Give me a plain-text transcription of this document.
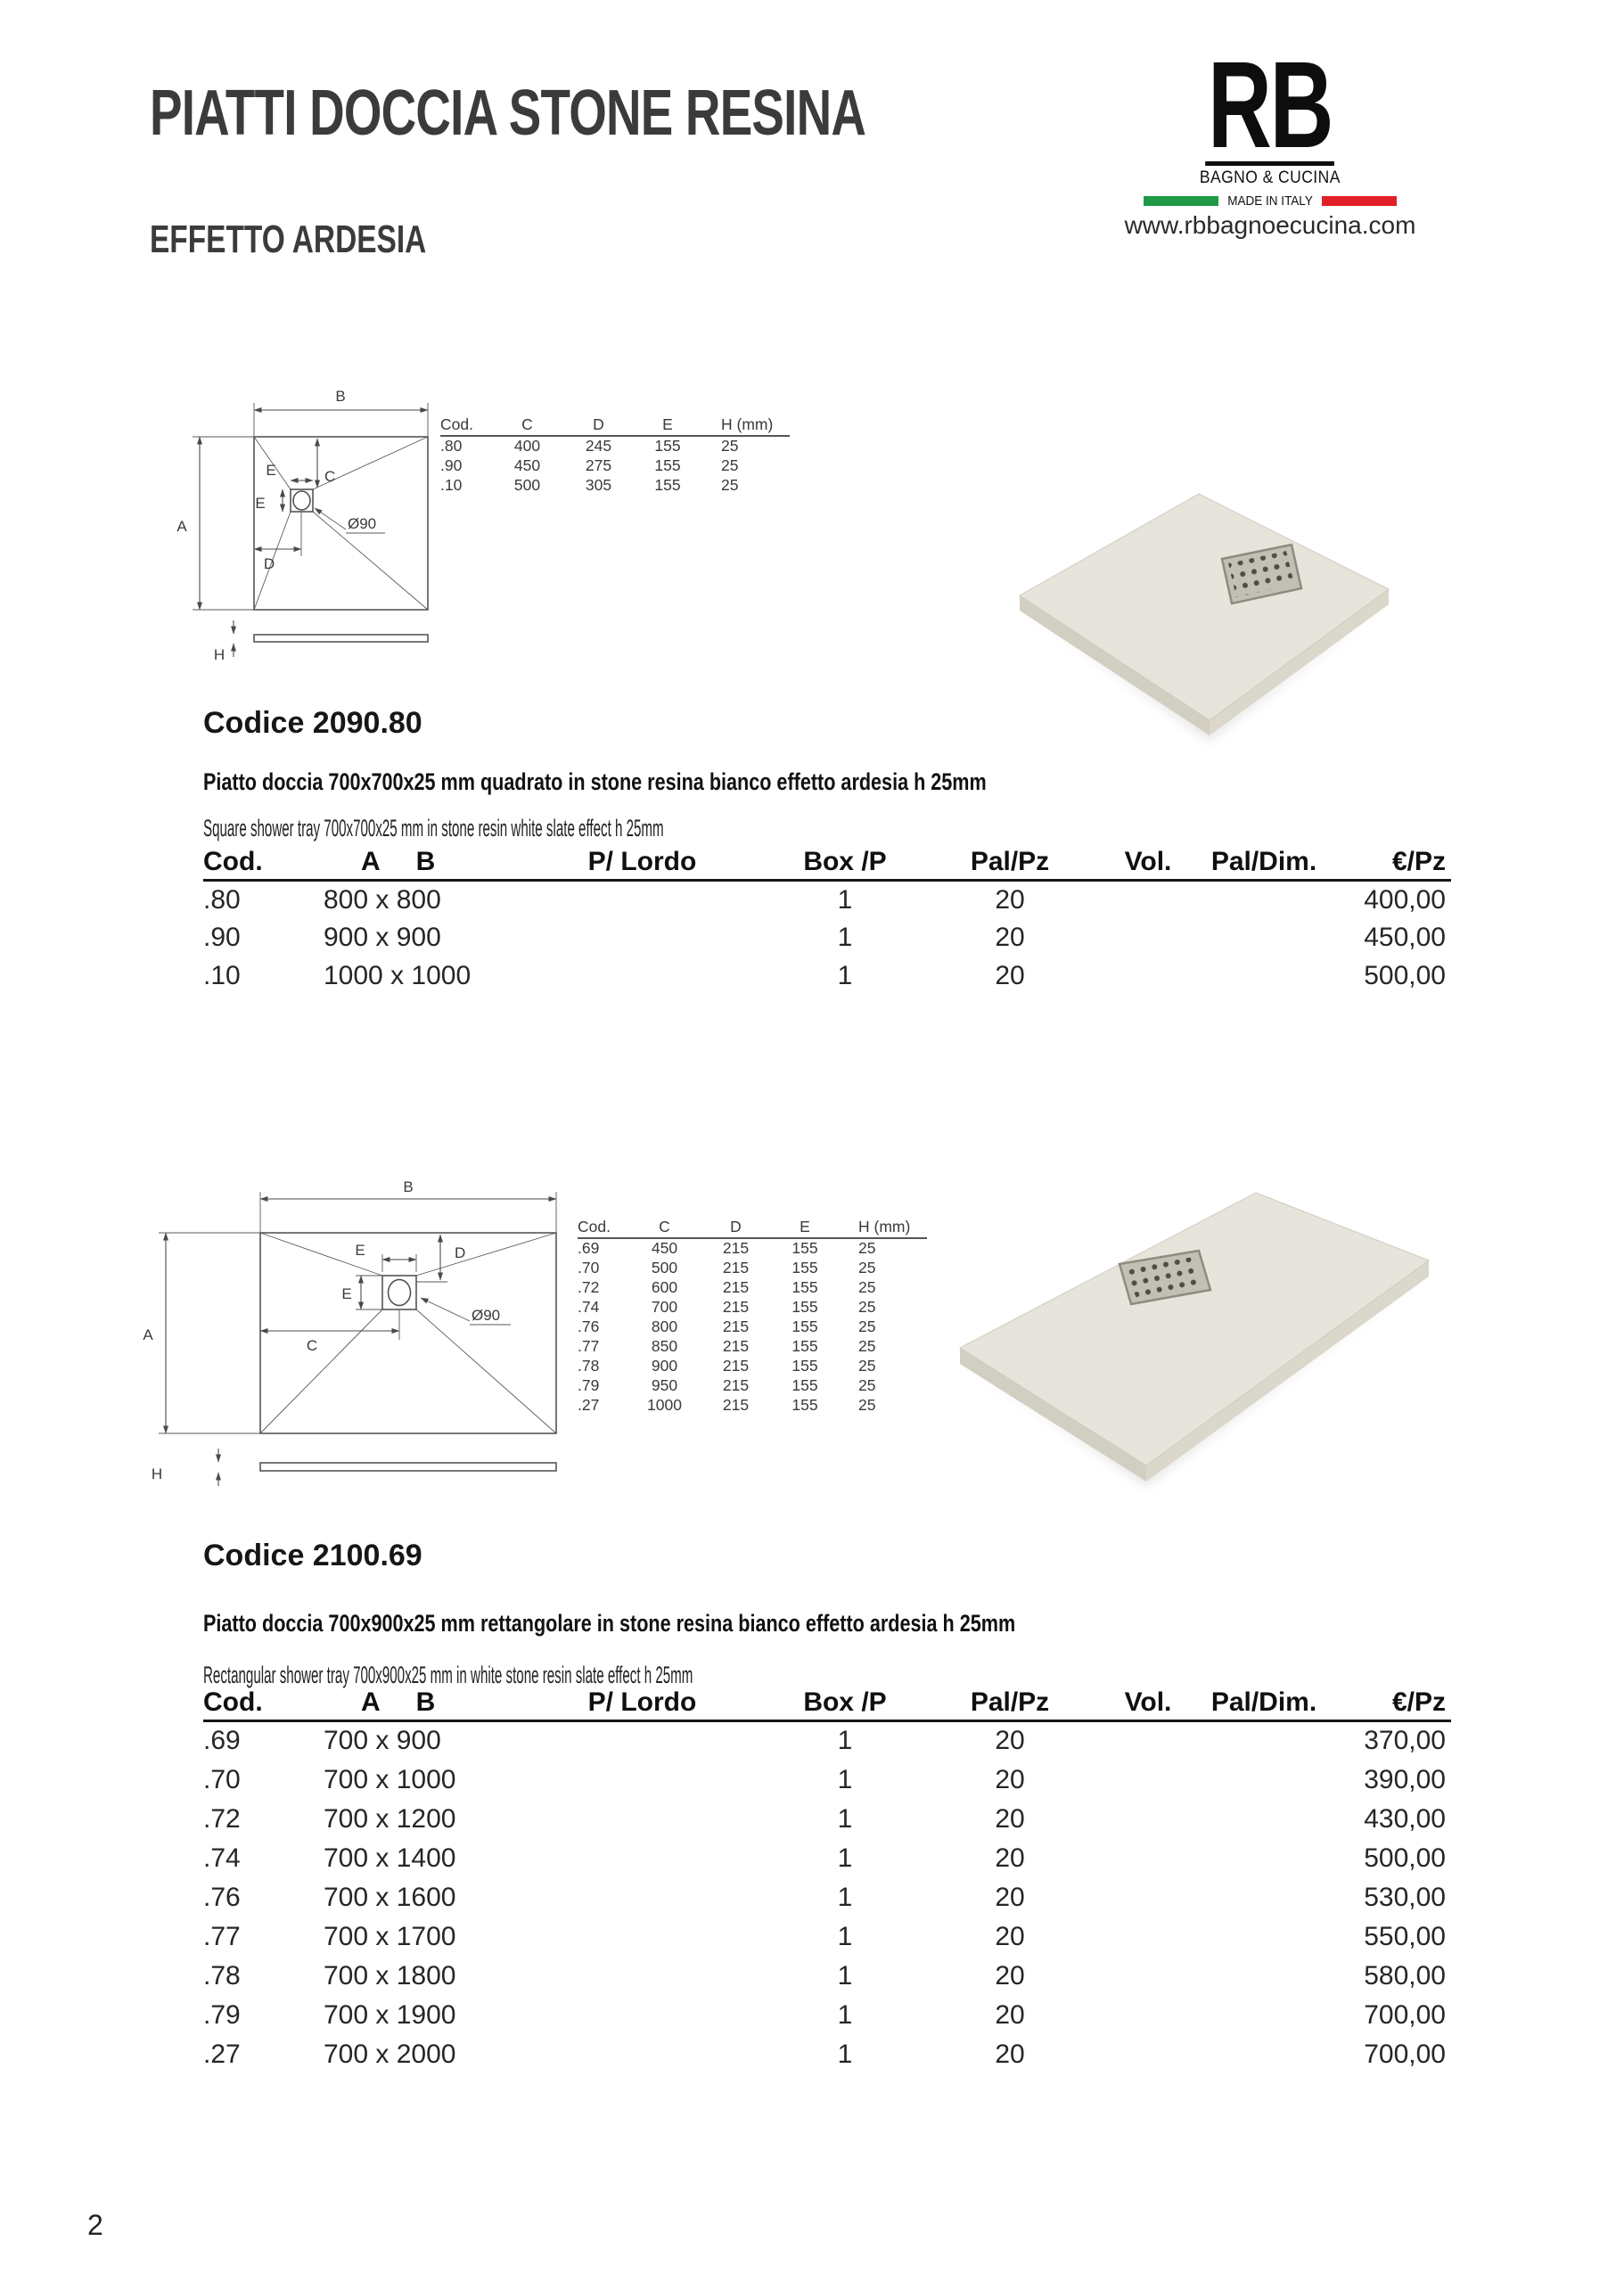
PIATTI DOCCIA STONE RESINA
EFFETTO ARDESIA
RB
BAGNO & CUCINA
MADE IN ITALY
www.rbbagnoecucina.com
B
A
C
E
E
Ø90
D
H
Cod.	C	D	E	H (mm)
.80	400	245	155	25
.90	450	275	155	25
.10	500	305	155	25
Codice 2090.80
Piatto doccia 700x700x25 mm quadrato in stone resina bianco effetto ardesia h 25mm
Square shower tray 700x700x25 mm in stone resin white slate effect h 25mm
Cod.	A B	P/ Lordo	Box /P	Pal/Pz	Vol.	Pal/Dim.	€/Pz
.80	800 x 800		1	20			400,00
.90	900 x 900		1	20			450,00
.10	1000 x 1000		1	20			500,00
B
A
E	D
E
Ø90
C
H
Cod.	C	D	E	H (mm)
.69	450	215	155	25
.70	500	215	155	25
.72	600	215	155	25
.74	700	215	155	25
.76	800	215	155	25
.77	850	215	155	25
.78	900	215	155	25
.79	950	215	155	25
.27	1000	215	155	25
Codice 2100.69
Piatto doccia 700x900x25 mm rettangolare in stone resina bianco effetto ardesia h 25mm
Rectangular shower tray 700x900x25 mm in white stone resin slate effect h 25mm
Cod.	A B	P/ Lordo	Box /P	Pal/Pz	Vol.	Pal/Dim.	€/Pz
.69	700 x 900		1	20			370,00
.70	700 x 1000		1	20			390,00
.72	700 x 1200		1	20			430,00
.74	700 x 1400		1	20			500,00
.76	700 x 1600		1	20			530,00
.77	700 x 1700		1	20			550,00
.78	700 x 1800		1	20			580,00
.79	700 x 1900		1	20			700,00
.27	700 x 2000		1	20			700,00
2
